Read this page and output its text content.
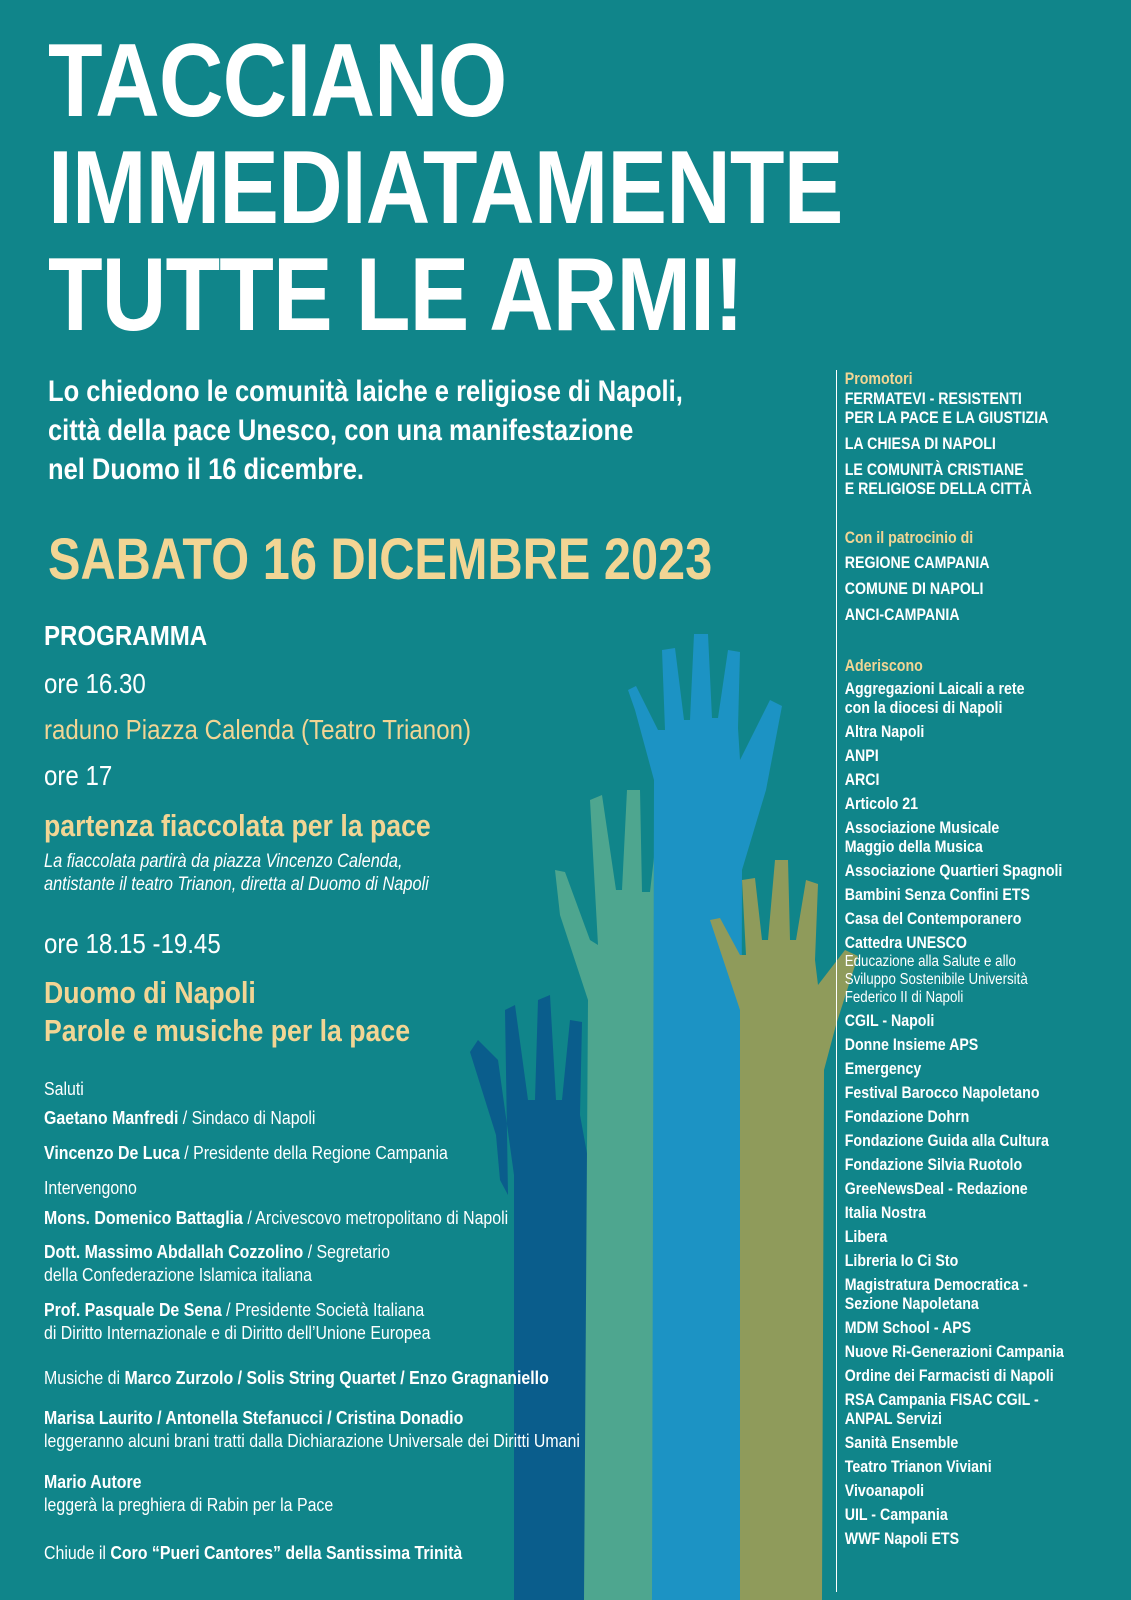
TACCIANO
IMMEDIATAMENTE
TUTTE LE ARMI!
Lo chiedono le comunità laiche e religiose di Napoli,
città della pace Unesco, con una manifestazione
nel Duomo il 16 dicembre.
SABATO 16 DICEMBRE 2023
PROGRAMMA
ore 16.30
raduno Piazza Calenda (Teatro Trianon)
ore 17
partenza fiaccolata per la pace
La fiaccolata partirà da piazza Vincenzo Calenda,
antistante il teatro Trianon, diretta al Duomo di Napoli
ore 18.15 -19.45
Duomo di Napoli
Parole e musiche per la pace
Saluti
Gaetano Manfredi / Sindaco di Napoli
Vincenzo De Luca / Presidente della Regione Campania
Intervengono
Mons. Domenico Battaglia / Arcivescovo metropolitano di Napoli
Dott. Massimo Abdallah Cozzolino / Segretario
della Confederazione Islamica italiana
Prof. Pasquale De Sena / Presidente Società Italiana
di Diritto Internazionale e di Diritto dell’Unione Europea
Musiche di Marco Zurzolo / Solis String Quartet / Enzo Gragnaniello
Marisa Laurito / Antonella Stefanucci / Cristina Donadio
leggeranno alcuni brani tratti dalla Dichiarazione Universale dei Diritti Umani
Mario Autore
leggerà la preghiera di Rabin per la Pace
Chiude il Coro “Pueri Cantores” della Santissima Trinità
Promotori
FERMATEVI - RESISTENTI
PER LA PACE E LA GIUSTIZIA
LA CHIESA DI NAPOLI
LE COMUNITÀ CRISTIANE
E RELIGIOSE DELLA CITTÀ
Con il patrocinio di
REGIONE CAMPANIA
COMUNE DI NAPOLI
ANCI-CAMPANIA
Aderiscono
Aggregazioni Laicali a rete
con la diocesi di Napoli
Altra Napoli
ANPI
ARCI
Articolo 21
Associazione Musicale
Maggio della Musica
Associazione Quartieri Spagnoli
Bambini Senza Confini ETS
Casa del Contemporanero
Cattedra UNESCO
Educazione alla Salute e allo
Sviluppo Sostenibile Università
Federico II di Napoli
CGIL - Napoli
Donne Insieme APS
Emergency
Festival Barocco Napoletano
Fondazione Dohrn
Fondazione Guida alla Cultura
Fondazione Silvia Ruotolo
GreeNewsDeal - Redazione
Italia Nostra
Libera
Libreria Io Ci Sto
Magistratura Democratica -
Sezione Napoletana
MDM School - APS
Nuove Ri-Generazioni Campania
Ordine dei Farmacisti di Napoli
RSA Campania FISAC CGIL -
ANPAL Servizi
Sanità Ensemble
Teatro Trianon Viviani
Vivoanapoli
UIL - Campania
WWF Napoli ETS
